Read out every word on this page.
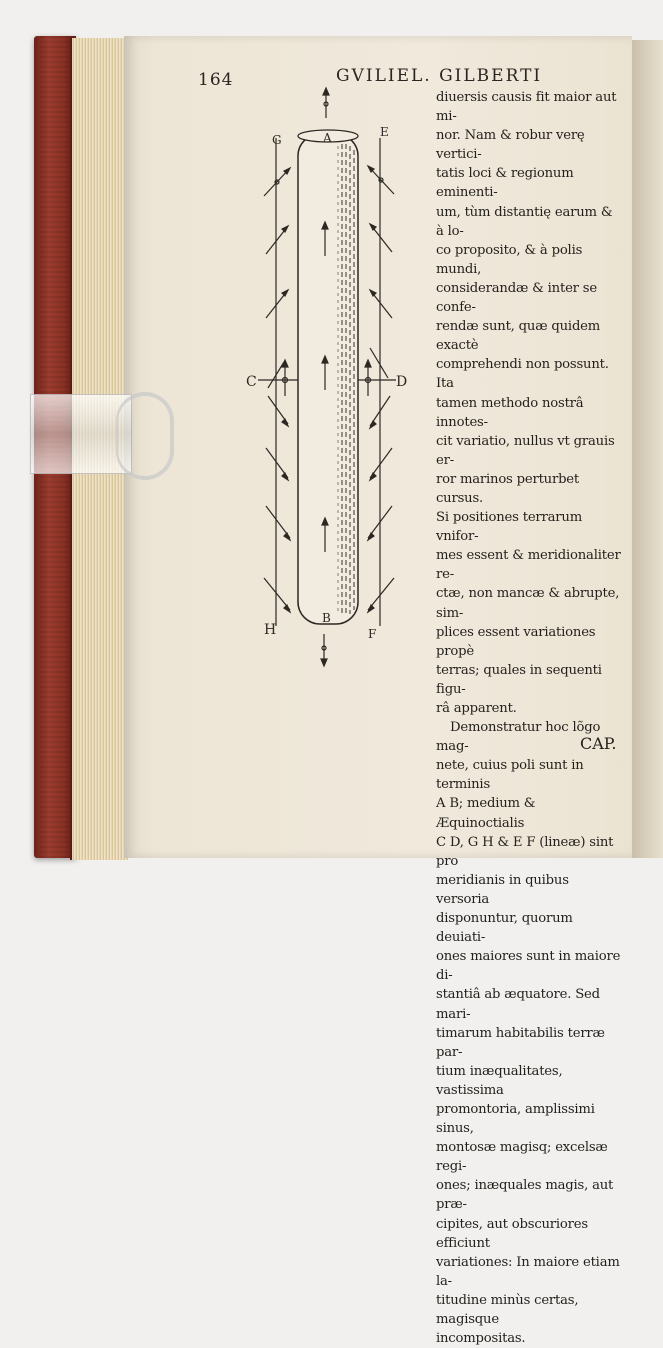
164	GVILIEL. GILBERTI
A
B
C	D
E
F
G
H

diuersis causis fit maior aut mi-

nor. Nam & robur verę vertici-

tatis loci & regionum eminenti-

um, tùm distantię earum & à lo-

co proposito, & à polis mundi,

considerandæ & inter se confe-

rendæ sunt, quæ quidem exactè

comprehendi non possunt. Ita

tamen methodo nostrâ innotes-

cit variatio, nullus vt grauis er-

ror marinos perturbet cursus.

Si positiones terrarum vnifor-

mes essent & meridionaliter re-

ctæ, non mancæ & abrupte, sim-

plices essent variationes propè

terras; quales in sequenti figu-

râ apparent.

Demonstratur hoc lõgo mag-

nete, cuius poli sunt in terminis

A B; medium & Æquinoctialis

C D, G H & E F (lineæ) sint pro

meridianis in quibus versoria

disponuntur, quorum deuiati-

ones maiores sunt in maiore di-

stantiâ ab æquatore. Sed mari-

timarum habitabilis terræ par-

tium inæqualitates, vastissima

promontoria, amplissimi sinus,

montosæ magisq; excelsæ regi-

ones; inæquales magis, aut præ-

cipites, aut obscuriores efficiunt

variationes: In maiore etiam la-

titudine minùs certas, magisque

incompositas.

CAP.
